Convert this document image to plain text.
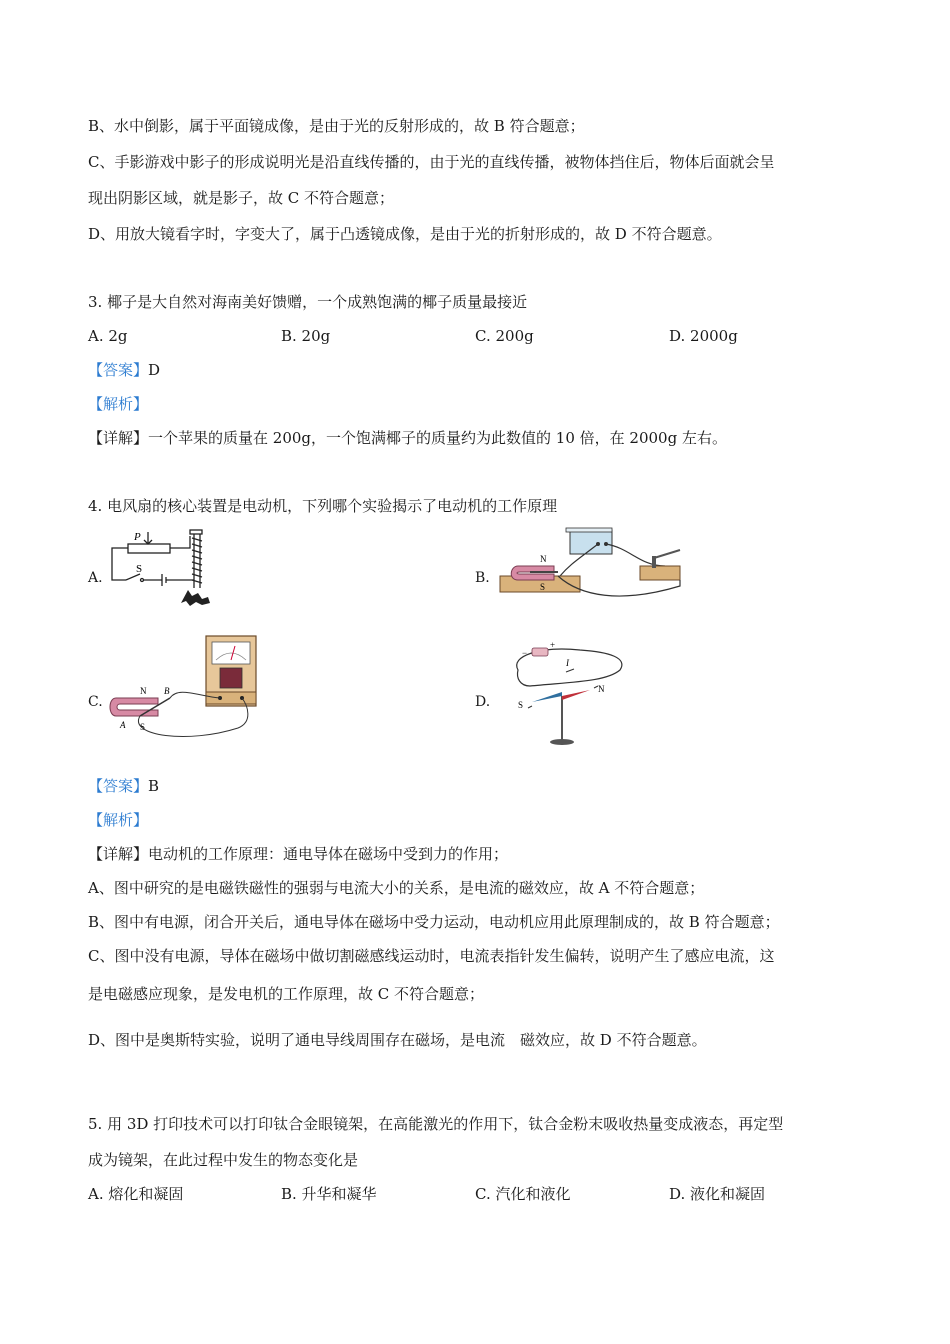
B、水中倒影，属于平面镜成像，是由于光的反射形成的，故 B 符合题意；
C、手影游戏中影子的形成说明光是沿直线传播的，由于光的直线传播，被物体挡住后，物体后面就会呈
现出阴影区域，就是影子，故 C 不符合题意；
D、用放大镜看字时，字变大了，属于凸透镜成像，是由于光的折射形成的，故 D 不符合题意。
3. 椰子是大自然对海南美好馈赠，一个成熟饱满的椰子质量最接近
A. 2g	B. 20g	C. 200g	D. 2000g
【答案】D
【解析】
【详解】一个苹果的质量在 200g，一个饱满椰子的质量约为此数值的 10 倍，在 2000g 左右。
4. 电风扇的核心装置是电动机，下列哪个实验揭示了电动机的工作原理
A.	B.
C.	D.
P
S
N
S
N B
A S
−
+
I
S
N
【答案】B
【解析】
【详解】电动机的工作原理：通电导体在磁场中受到力的作用；
A、图中研究的是电磁铁磁性的强弱与电流大小的关系，是电流的磁效应，故 A 不符合题意；
B、图中有电源，闭合开关后，通电导体在磁场中受力运动，电动机应用此原理制成的，故 B 符合题意；
C、图中没有电源，导体在磁场中做切割磁感线运动时，电流表指针发生偏转，说明产生了感应电流，这
是电磁感应现象，是发电机的工作原理，故 C 不符合题意；
D、图中是奥斯特实验，说明了通电导线周围存在磁场，是电流　磁效应，故 D 不符合题意。
5. 用 3D 打印技术可以打印钛合金眼镜架，在高能激光的作用下，钛合金粉末吸收热量变成液态，再定型
成为镜架，在此过程中发生的物态变化是
A. 熔化和凝固	B. 升华和凝华	C. 汽化和液化	D. 液化和凝固
